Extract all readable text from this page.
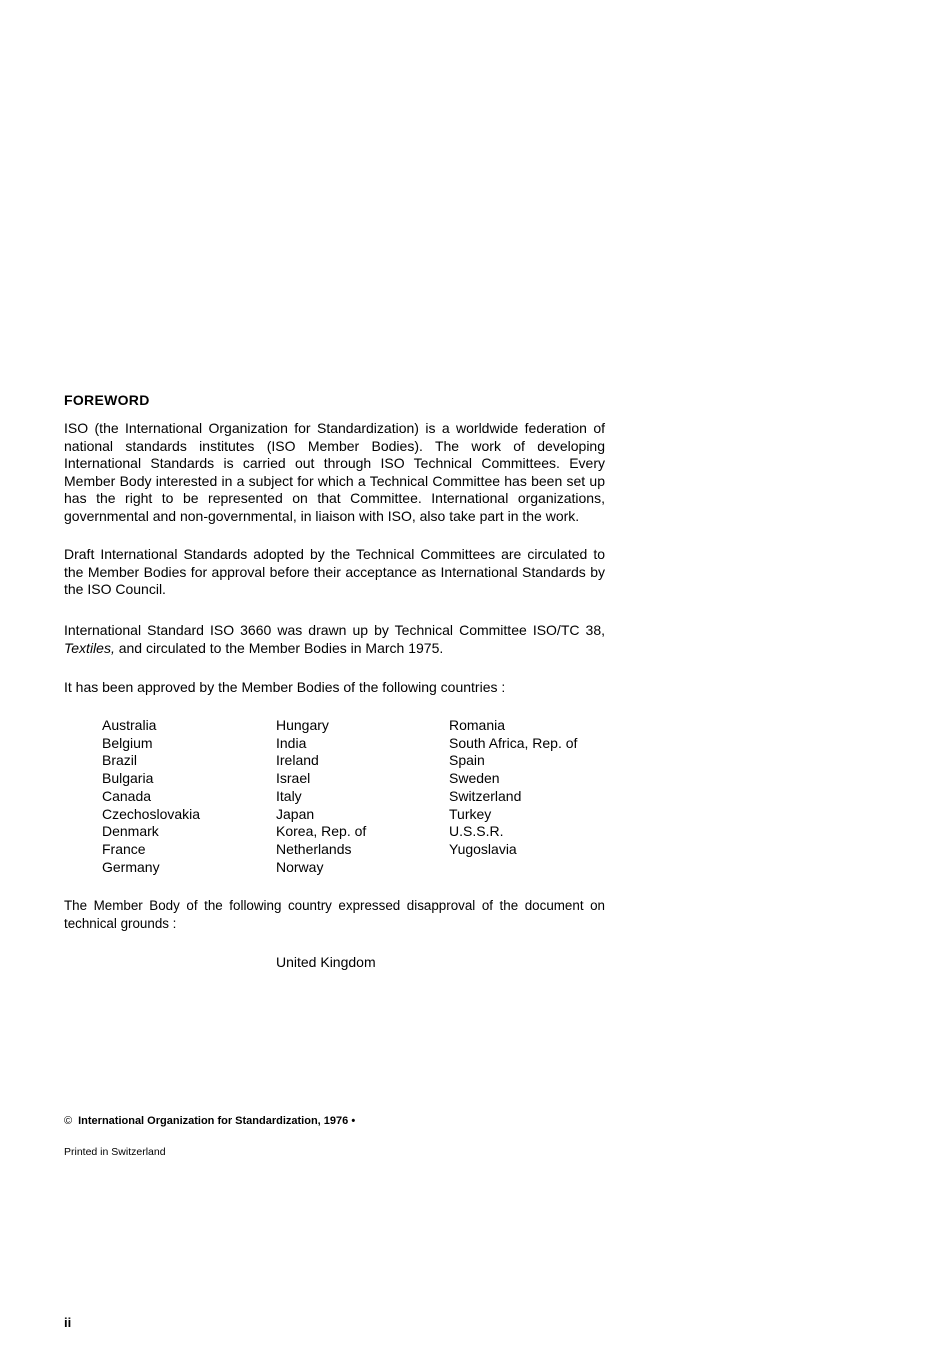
FOREWORD
ISO (the International Organization for Standardization) is a worldwide federation of national standards institutes (ISO Member Bodies). The work of developing International Standards is carried out through ISO Technical Committees. Every Member Body interested in a subject for which a Technical Committee has been set up has the right to be represented on that Committee. International organizations, governmental and non-governmental, in liaison with ISO, also take part in the work.
Draft International Standards adopted by the Technical Committees are circulated to the Member Bodies for approval before their acceptance as International Standards by the ISO Council.
International Standard ISO 3660 was drawn up by Technical Committee ISO/TC 38, Textiles, and circulated to the Member Bodies in March 1975.
It has been approved by the Member Bodies of the following countries :
Australia
Belgium
Brazil
Bulgaria
Canada
Czechoslovakia
Denmark
France
Germany
Hungary
India
Ireland
Israel
Italy
Japan
Korea, Rep. of
Netherlands
Norway
Romania
South Africa, Rep. of
Spain
Sweden
Switzerland
Turkey
U.S.S.R.
Yugoslavia
The Member Body of the following country expressed disapproval of the document on technical grounds :
United Kingdom
© International Organization for Standardization, 1976 •
Printed in Switzerland
ii
